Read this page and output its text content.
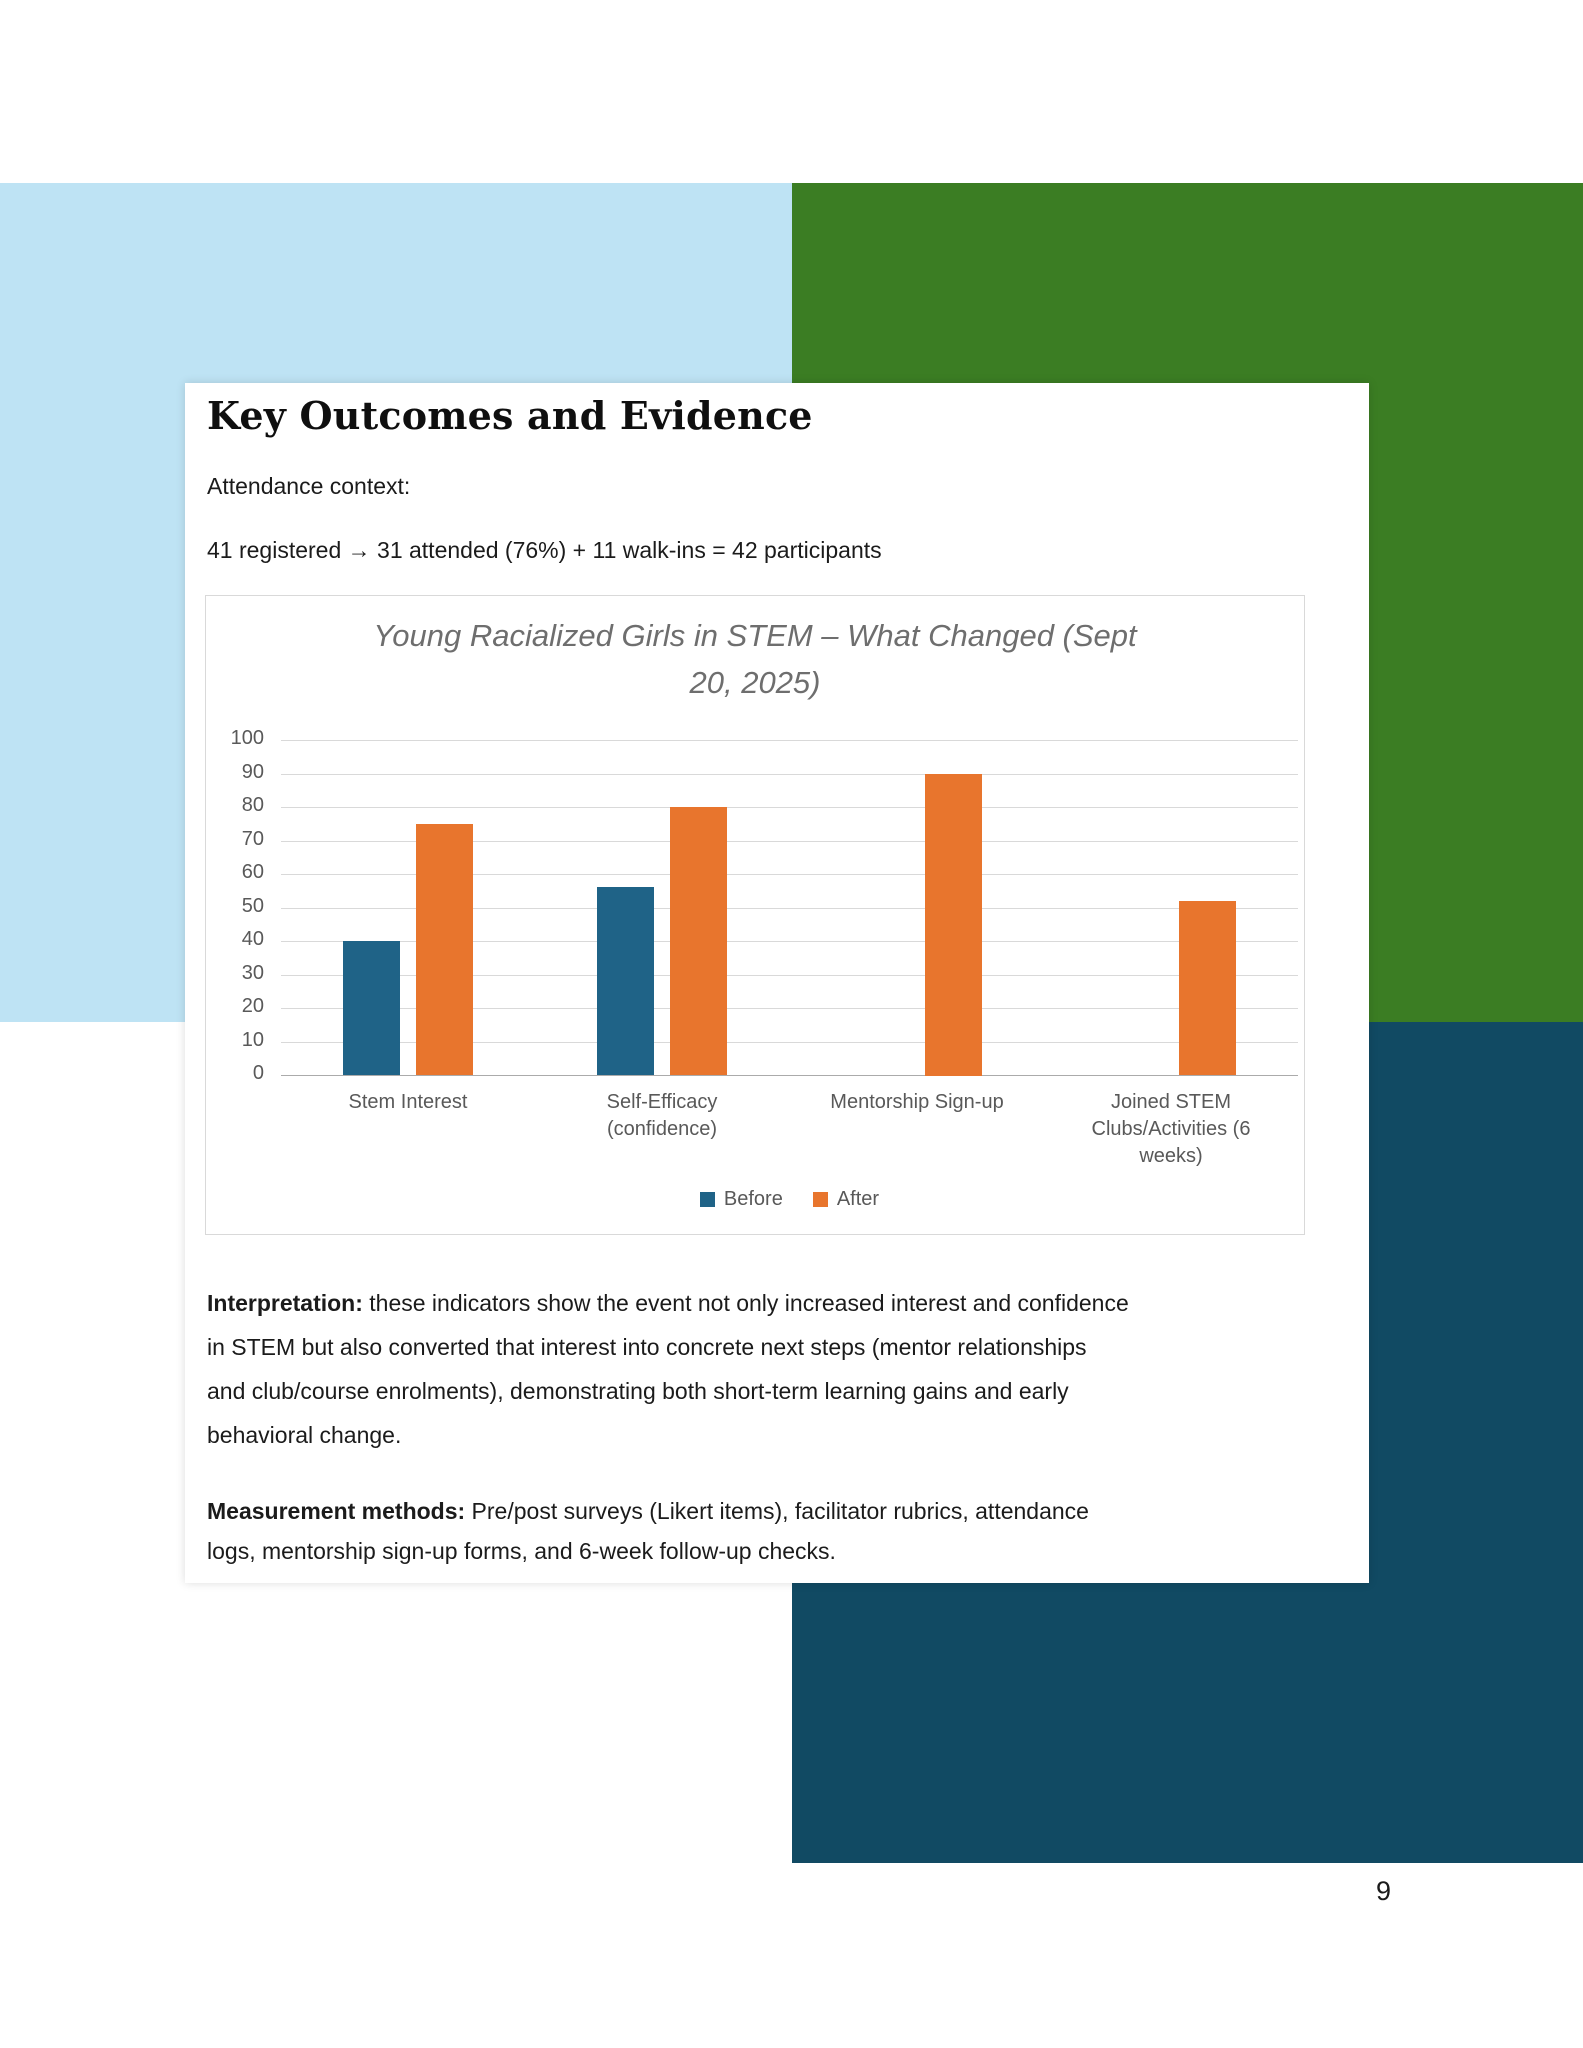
Key Outcomes and Evidence
Attendance context:
41 registered → 31 attended (76%) + 11 walk-ins = 42 participants
Young Racialized Girls in STEM – What Changed (Sept
20, 2025)
0
10
20
30
40
50
60
70
80
90
100
Stem Interest	Self-Efficacy
(confidence)
Mentorship Sign-up	Joined STEM
Clubs/Activities (6
weeks)
Before	After
Interpretation: these indicators show the event not only increased interest and confidence
in STEM but also converted that interest into concrete next steps (mentor relationships
and club/course enrolments), demonstrating both short-term learning gains and early
behavioral change.
Measurement methods: Pre/post surveys (Likert items), facilitator rubrics, attendance
logs, mentorship sign-up forms, and 6-week follow-up checks.
9
